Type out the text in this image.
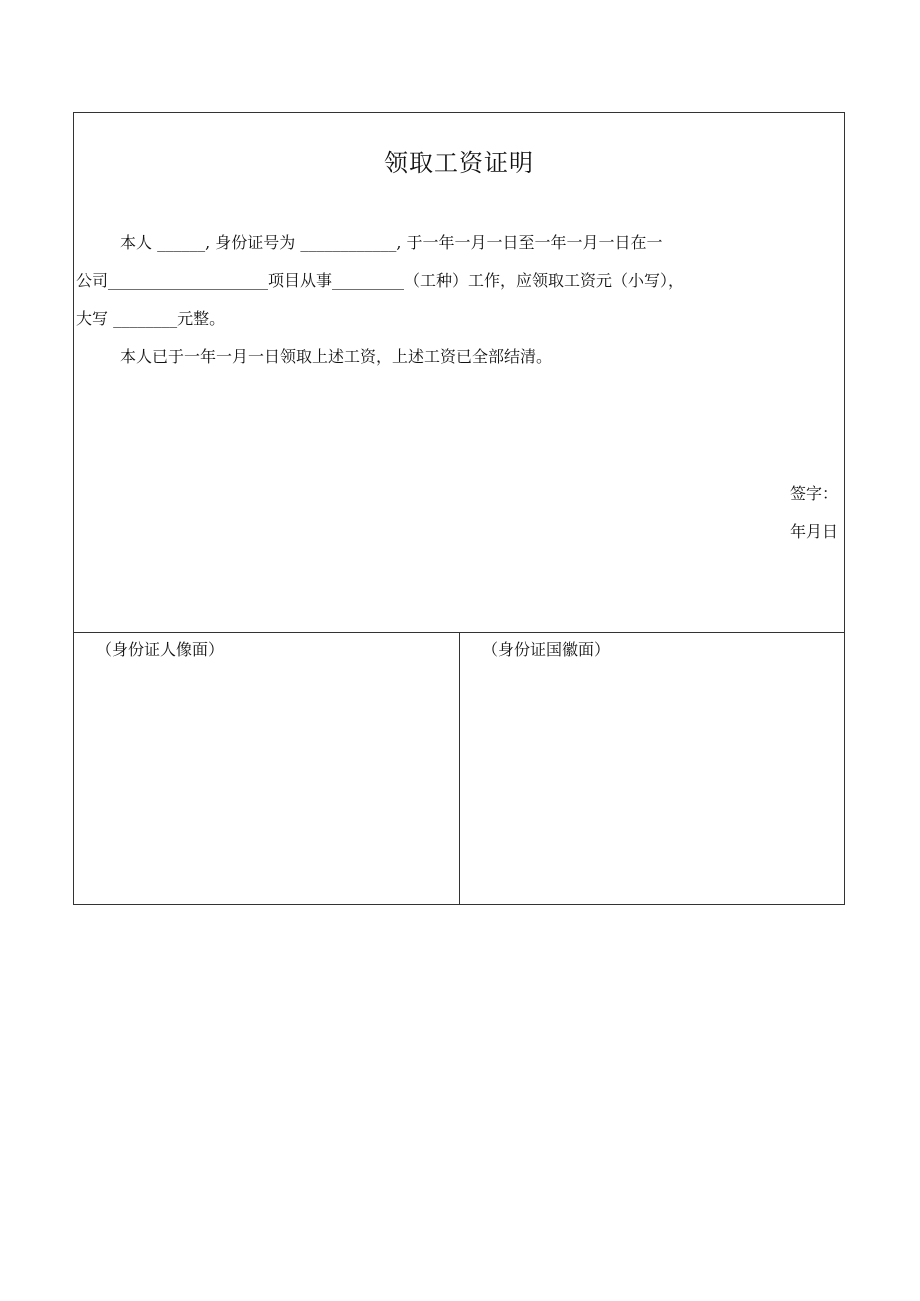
领取工资证明
本人 ______, 身份证号为 ____________, 于一年一月一日至一年一月一日在一
公司____________________项目从事_________（工种）工作，应领取工资元（小写），
大写 ________元整。
本人已于一年一月一日领取上述工资，上述工资已全部结清。
签字：
年月日
（身份证人像面）	（身份证国徽面）
